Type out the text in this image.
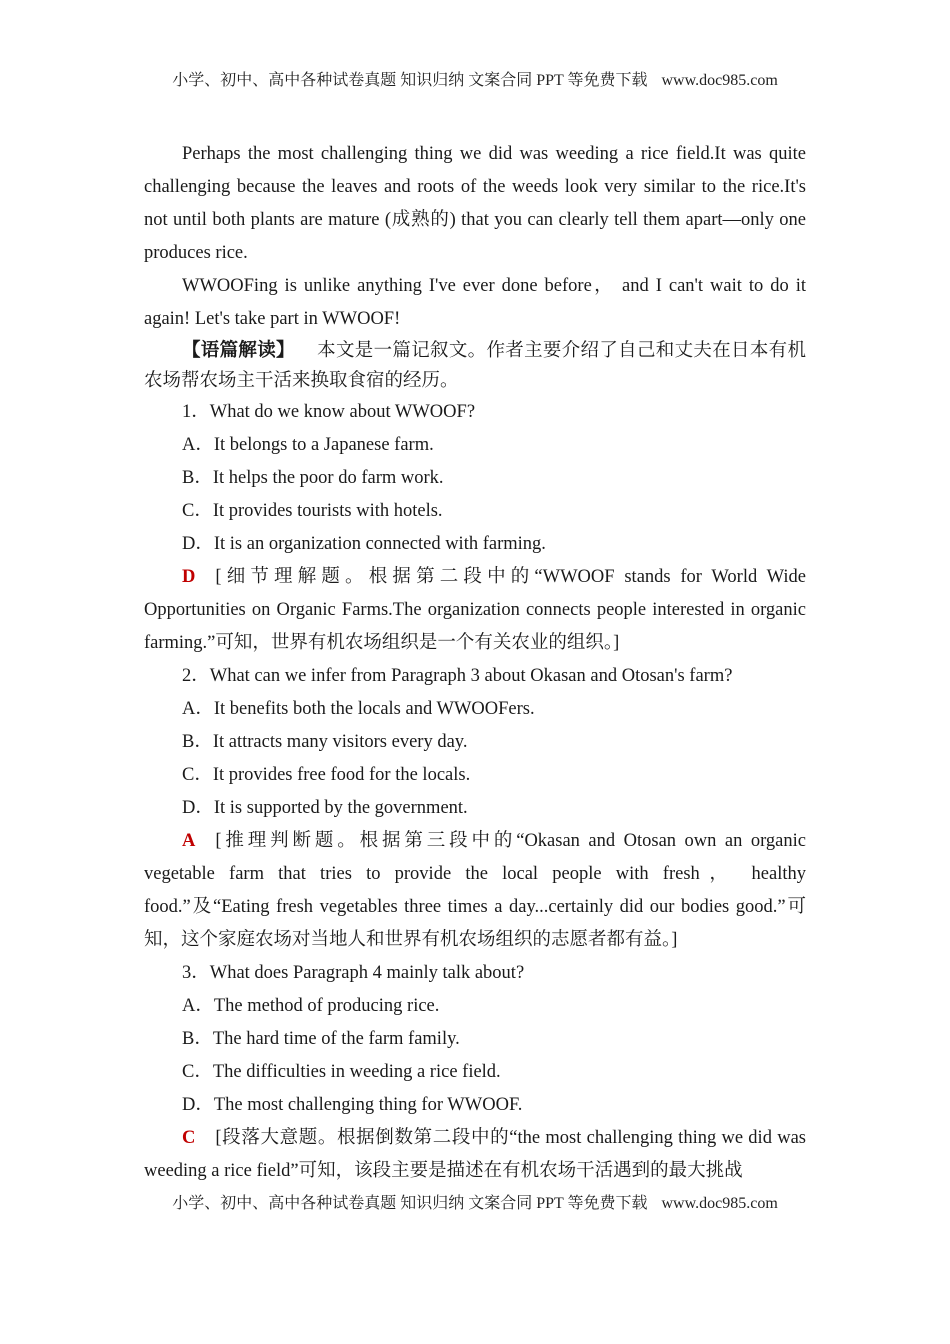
小学、初中、高中各种试卷真题 知识归纳 文案合同 PPT 等免费下载 www.doc985.com
Perhaps the most challenging thing we did was weeding a rice field.It was quite challenging because the leaves and roots of the weeds look very similar to the rice.It's not until both plants are mature (成熟的) that you can clearly tell them apart—only one produces rice.
WWOOFing is unlike anything I've ever done before， and I can't wait to do it again! Let's take part in WWOOF!
【语篇解读】 本文是一篇记叙文。作者主要介绍了自己和丈夫在日本有机农场帮农场主干活来换取食宿的经历。
1．What do we know about WWOOF?
A．It belongs to a Japanese farm.
B．It helps the poor do farm work.
C．It provides tourists with hotels.
D．It is an organization connected with farming.
D [细节理解题。根据第二段中的“WWOOF stands for World Wide Opportunities on Organic Farms.The organization connects people interested in organic farming.”可知，世界有机农场组织是一个有关农业的组织。]
2．What can we infer from Paragraph 3 about Okasan and Otosan's farm?
A．It benefits both the locals and WWOOFers.
B．It attracts many visitors every day.
C．It provides free food for the locals.
D．It is supported by the government.
A [推理判断题。根据第三段中的“Okasan and Otosan own an organic vegetable farm that tries to provide the local people with fresh， healthy food.”及“Eating fresh vegetables three times a day...certainly did our bodies good.”可知，这个家庭农场对当地人和世界有机农场组织的志愿者都有益。]
3．What does Paragraph 4 mainly talk about?
A．The method of producing rice.
B．The hard time of the farm family.
C．The difficulties in weeding a rice field.
D．The most challenging thing for WWOOF.
C [段落大意题。根据倒数第二段中的“the most challenging thing we did was weeding a rice field”可知，该段主要是描述在有机农场干活遇到的最大挑战
小学、初中、高中各种试卷真题 知识归纳 文案合同 PPT 等免费下载 www.doc985.com
